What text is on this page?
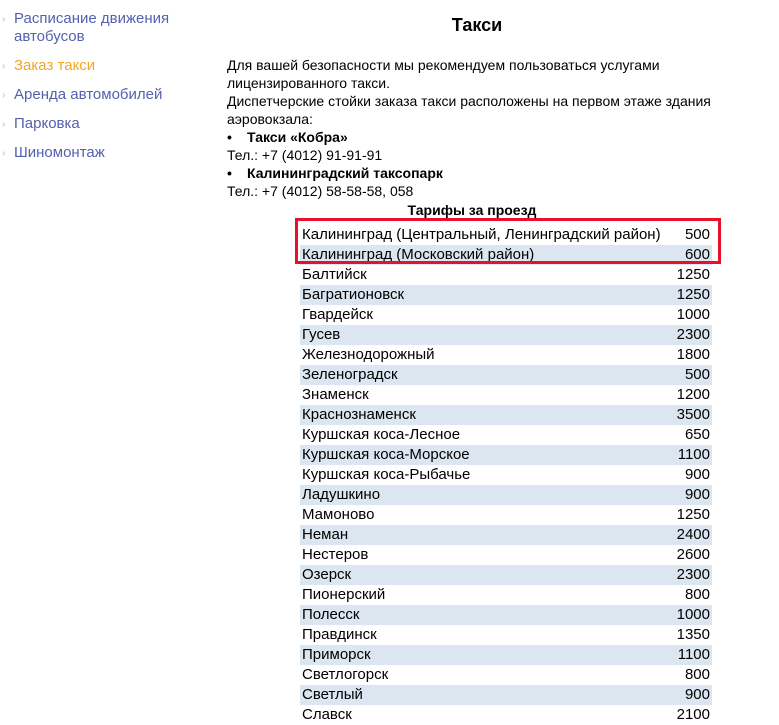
› Расписание движения автобусов
› Заказ такси
› Аренда автомобилей
› Парковка
› Шиномонтаж
Такси
Для вашей безопасности мы рекомендуем пользоваться услугами лицензированного такси.
Диспетчерские стойки заказа такси расположены на первом этаже здания аэровокзала:
• Такси «Кобра»
Тел.: +7 (4012) 91-91-91
• Калининградский таксопарк
Тел.: +7 (4012) 58-58-58, 058
Тарифы за проезд
Калининград (Центральный, Ленинградский район)	500
Калининград (Московский район)	600
Балтийск	1250
Багратионовск	1250
Гвардейск	1000
Гусев	2300
Железнодорожный	1800
Зеленоградск	500
Знаменск	1200
Краснознаменск	3500
Куршская коса-Лесное	650
Куршская коса-Морское	1100
Куршская коса-Рыбачье	900
Ладушкино	900
Мамоново	1250
Неман	2400
Нестеров	2600
Озерск	2300
Пионерский	800
Полесск	1000
Правдинск	1350
Приморск	1100
Светлогорск	800
Светлый	900
Славск	2100
